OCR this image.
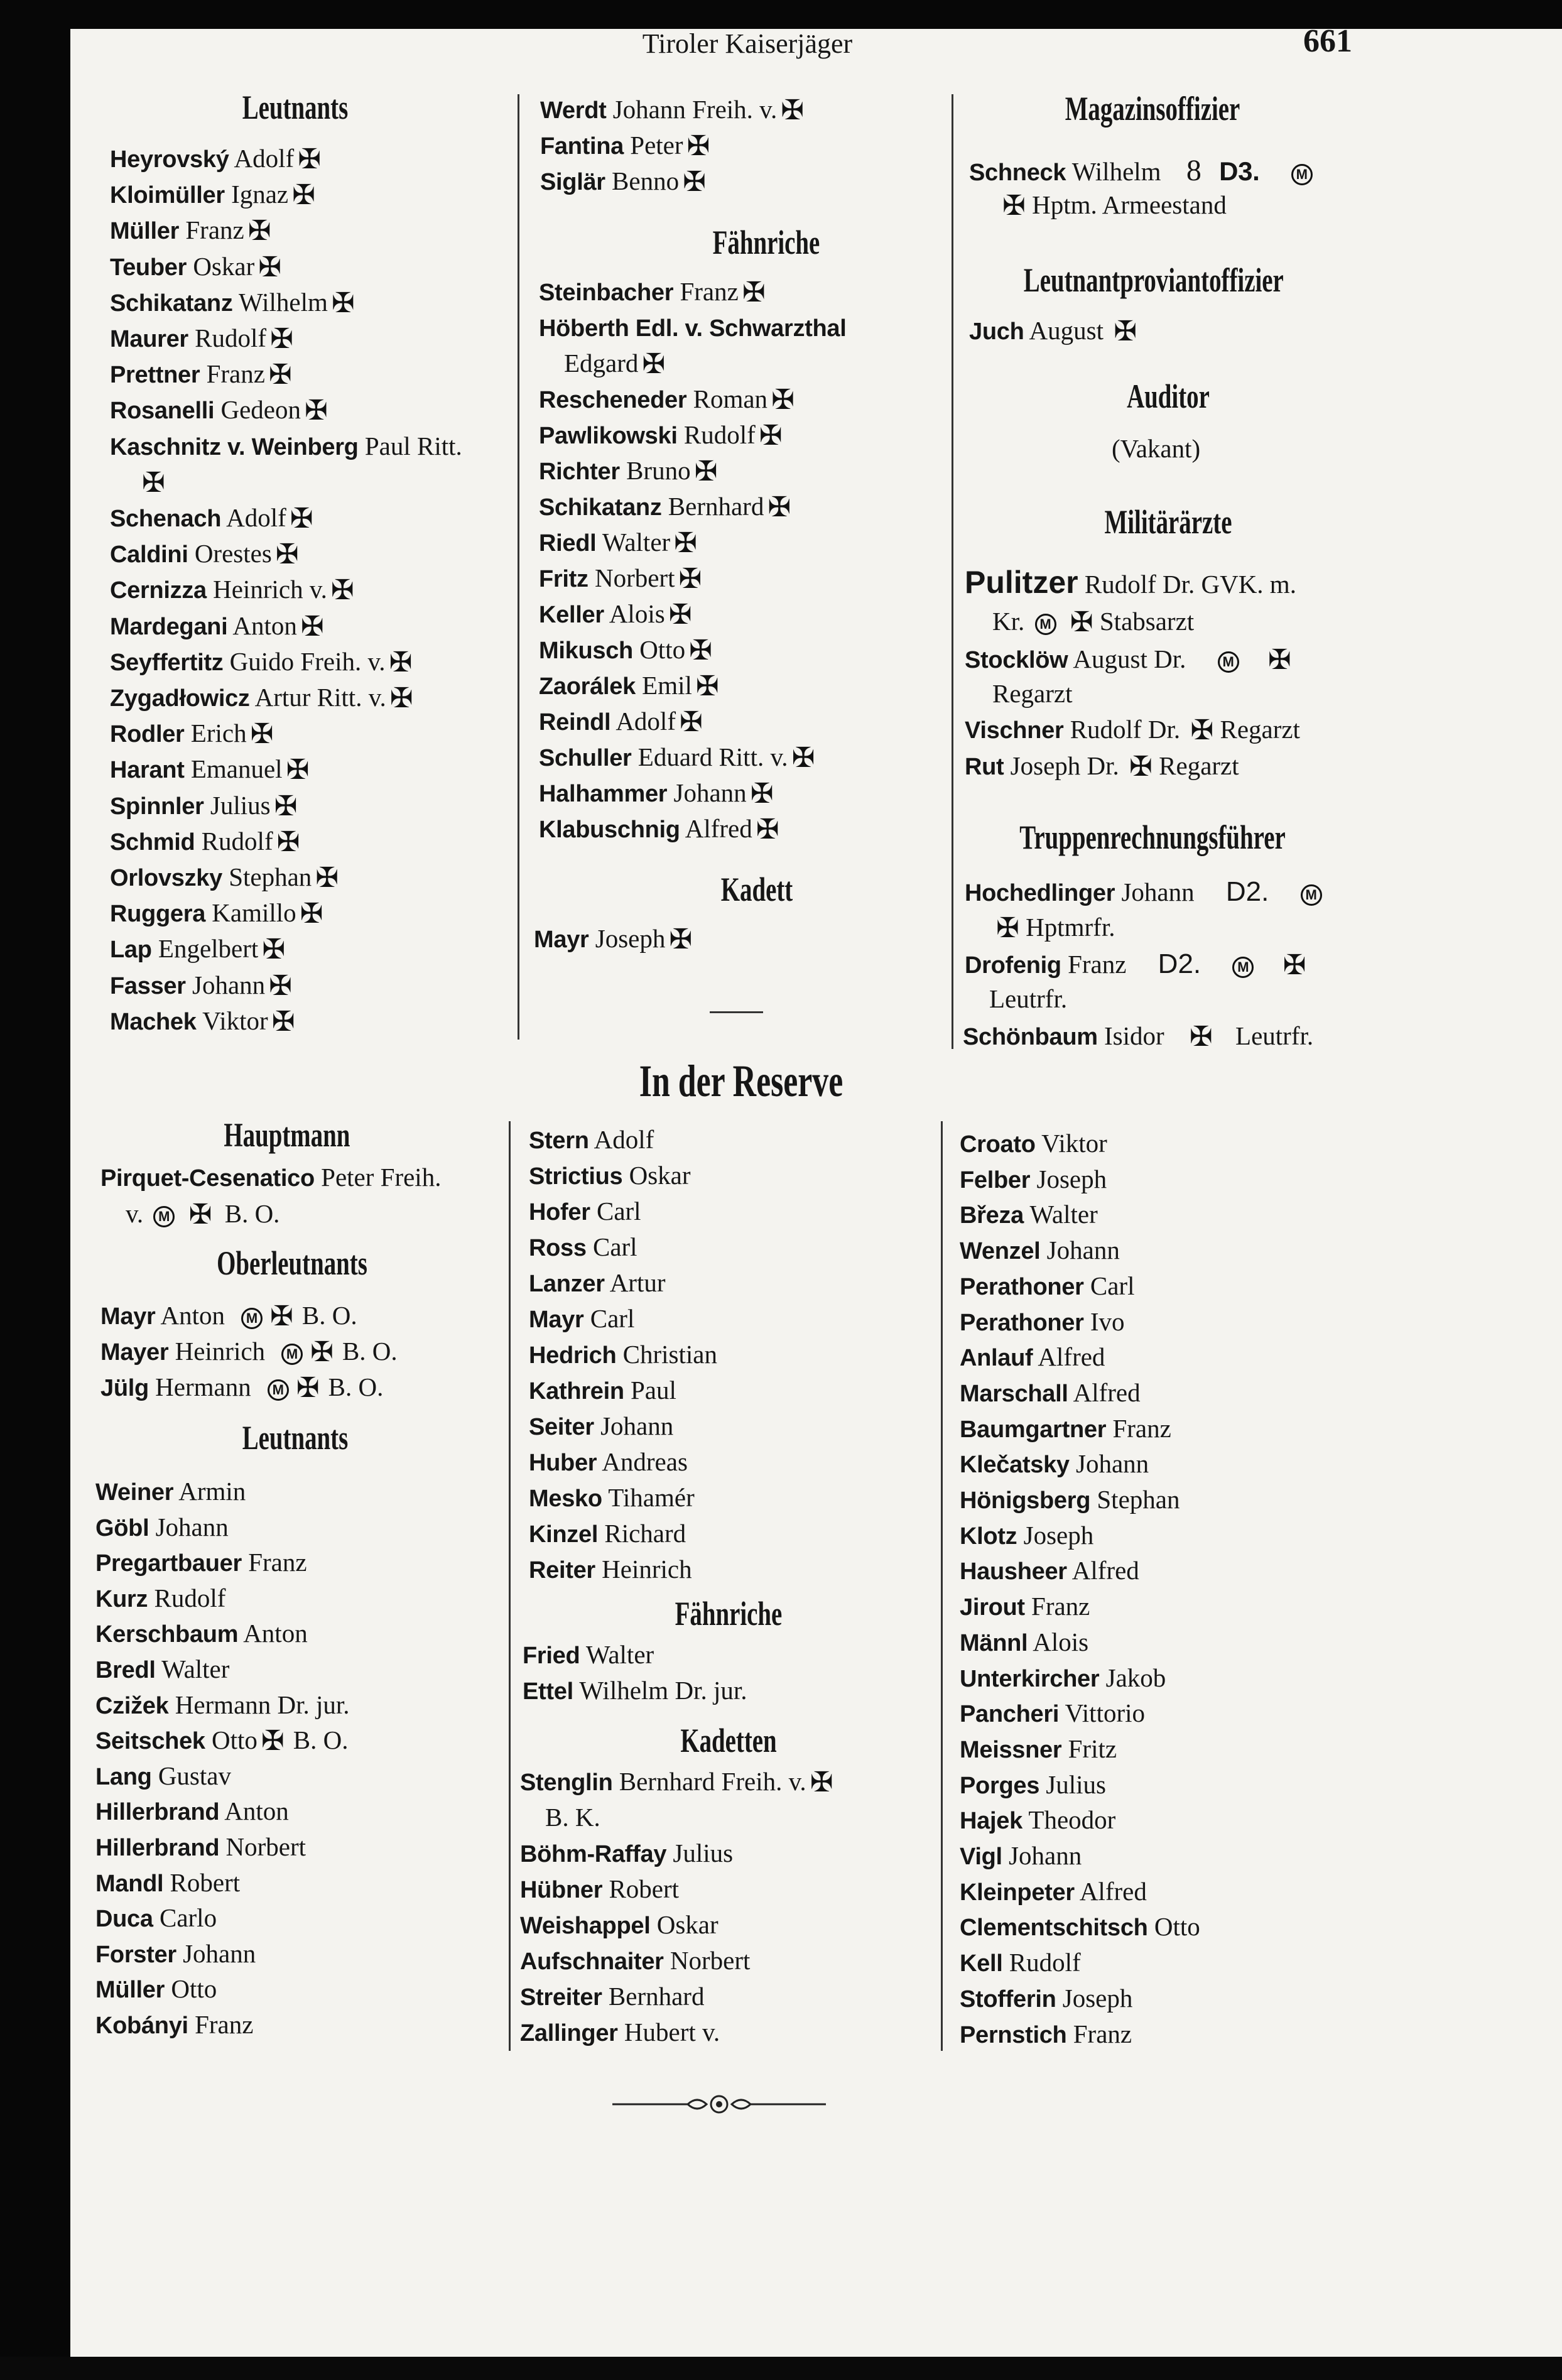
Tiroler Kaiserjäger	661
Leutnants
Heyrovský Adolf ✠
Kloimüller Ignaz ✠
Müller Franz ✠
Teuber Oskar ✠
Schikatanz Wilhelm ✠
Maurer Rudolf ✠
Prettner Franz ✠
Rosanelli Gedeon ✠
Kaschnitz v. Weinberg Paul Ritt.
✠
Schenach Adolf ✠
Caldini Orestes ✠
Cernizza Heinrich v. ✠
Mardegani Anton ✠
Seyffertitz Guido Freih. v. ✠
Zygadłowicz Artur Ritt. v. ✠
Rodler Erich ✠
Harant Emanuel ✠
Spinnler Julius ✠
Schmid Rudolf ✠
Orlovszky Stephan ✠
Ruggera Kamillo ✠
Lap Engelbert ✠
Fasser Johann ✠
Machek Viktor ✠
Werdt Johann Freih. v. ✠
Fantina Peter ✠
Siglär Benno ✠
Fähnriche
Steinbacher Franz ✠
Höberth Edl. v. Schwarzthal
Edgard ✠
Rescheneder Roman ✠
Pawlikowski Rudolf ✠
Richter Bruno ✠
Schikatanz Bernhard ✠
Riedl Walter ✠
Fritz Norbert ✠
Keller Alois ✠
Mikusch Otto ✠
Zaorálek Emil ✠
Reindl Adolf ✠
Schuller Eduard Ritt. v. ✠
Halhammer Johann ✠
Klabuschnig Alfred ✠
Kadett
Mayr Joseph ✠
Magazinsoffizier
Schneck Wilhelm 8 D3.	M
✠ Hptm. Armeestand
Leutnantproviantoffizier
Juch August ✠
Auditor
(Vakant)
Militärärzte
Pulitzer Rudolf Dr. GVK. m.
Kr. M ✠ Stabsarzt
Stocklöw August Dr.	M ✠
Regarzt
Vischner Rudolf Dr. ✠ Regarzt
Rut Joseph Dr. ✠ Regarzt
Truppenrechnungsführer
Hochedlinger Johann D2.	M
✠ Hptmrfr.
Drofenig Franz D2.	M ✠
Leutrfr.
Schönbaum Isidor ✠ Leutrfr.
In der Reserve
Hauptmann
Pirquet-Cesenatico Peter Freih.
v. M ✠ B. O.
Oberleutnants
Mayr Anton M ✠ B. O.
Mayer Heinrich M ✠ B. O.
Jülg Hermann M ✠ B. O.
Leutnants
Weiner Armin
Göbl Johann
Pregartbauer Franz
Kurz Rudolf
Kerschbaum Anton
Bredl Walter
Czižek Hermann Dr. jur.
Seitschek Otto ✠ B. O.
Lang Gustav
Hillerbrand Anton
Hillerbrand Norbert
Mandl Robert
Duca Carlo
Forster Johann
Müller Otto
Kobányi Franz
Stern Adolf
Strictius Oskar
Hofer Carl
Ross Carl
Lanzer Artur
Mayr Carl
Hedrich Christian
Kathrein Paul
Seiter Johann
Huber Andreas
Mesko Tihamér
Kinzel Richard
Reiter Heinrich
Fähnriche
Fried Walter
Ettel Wilhelm Dr. jur.
Kadetten
Stenglin Bernhard Freih. v. ✠
B. K.
Böhm-Raffay Julius
Hübner Robert
Weishappel Oskar
Aufschnaiter Norbert
Streiter Bernhard
Zallinger Hubert v.
Croato Viktor
Felber Joseph
Březa Walter
Wenzel Johann
Perathoner Carl
Perathoner Ivo
Anlauf Alfred
Marschall Alfred
Baumgartner Franz
Klečatsky Johann
Hönigsberg Stephan
Klotz Joseph
Hausheer Alfred
Jirout Franz
Männl Alois
Unterkircher Jakob
Pancheri Vittorio
Meissner Fritz
Porges Julius
Hajek Theodor
Vigl Johann
Kleinpeter Alfred
Clementschitsch Otto
Kell Rudolf
Stofferin Joseph
Pernstich Franz
